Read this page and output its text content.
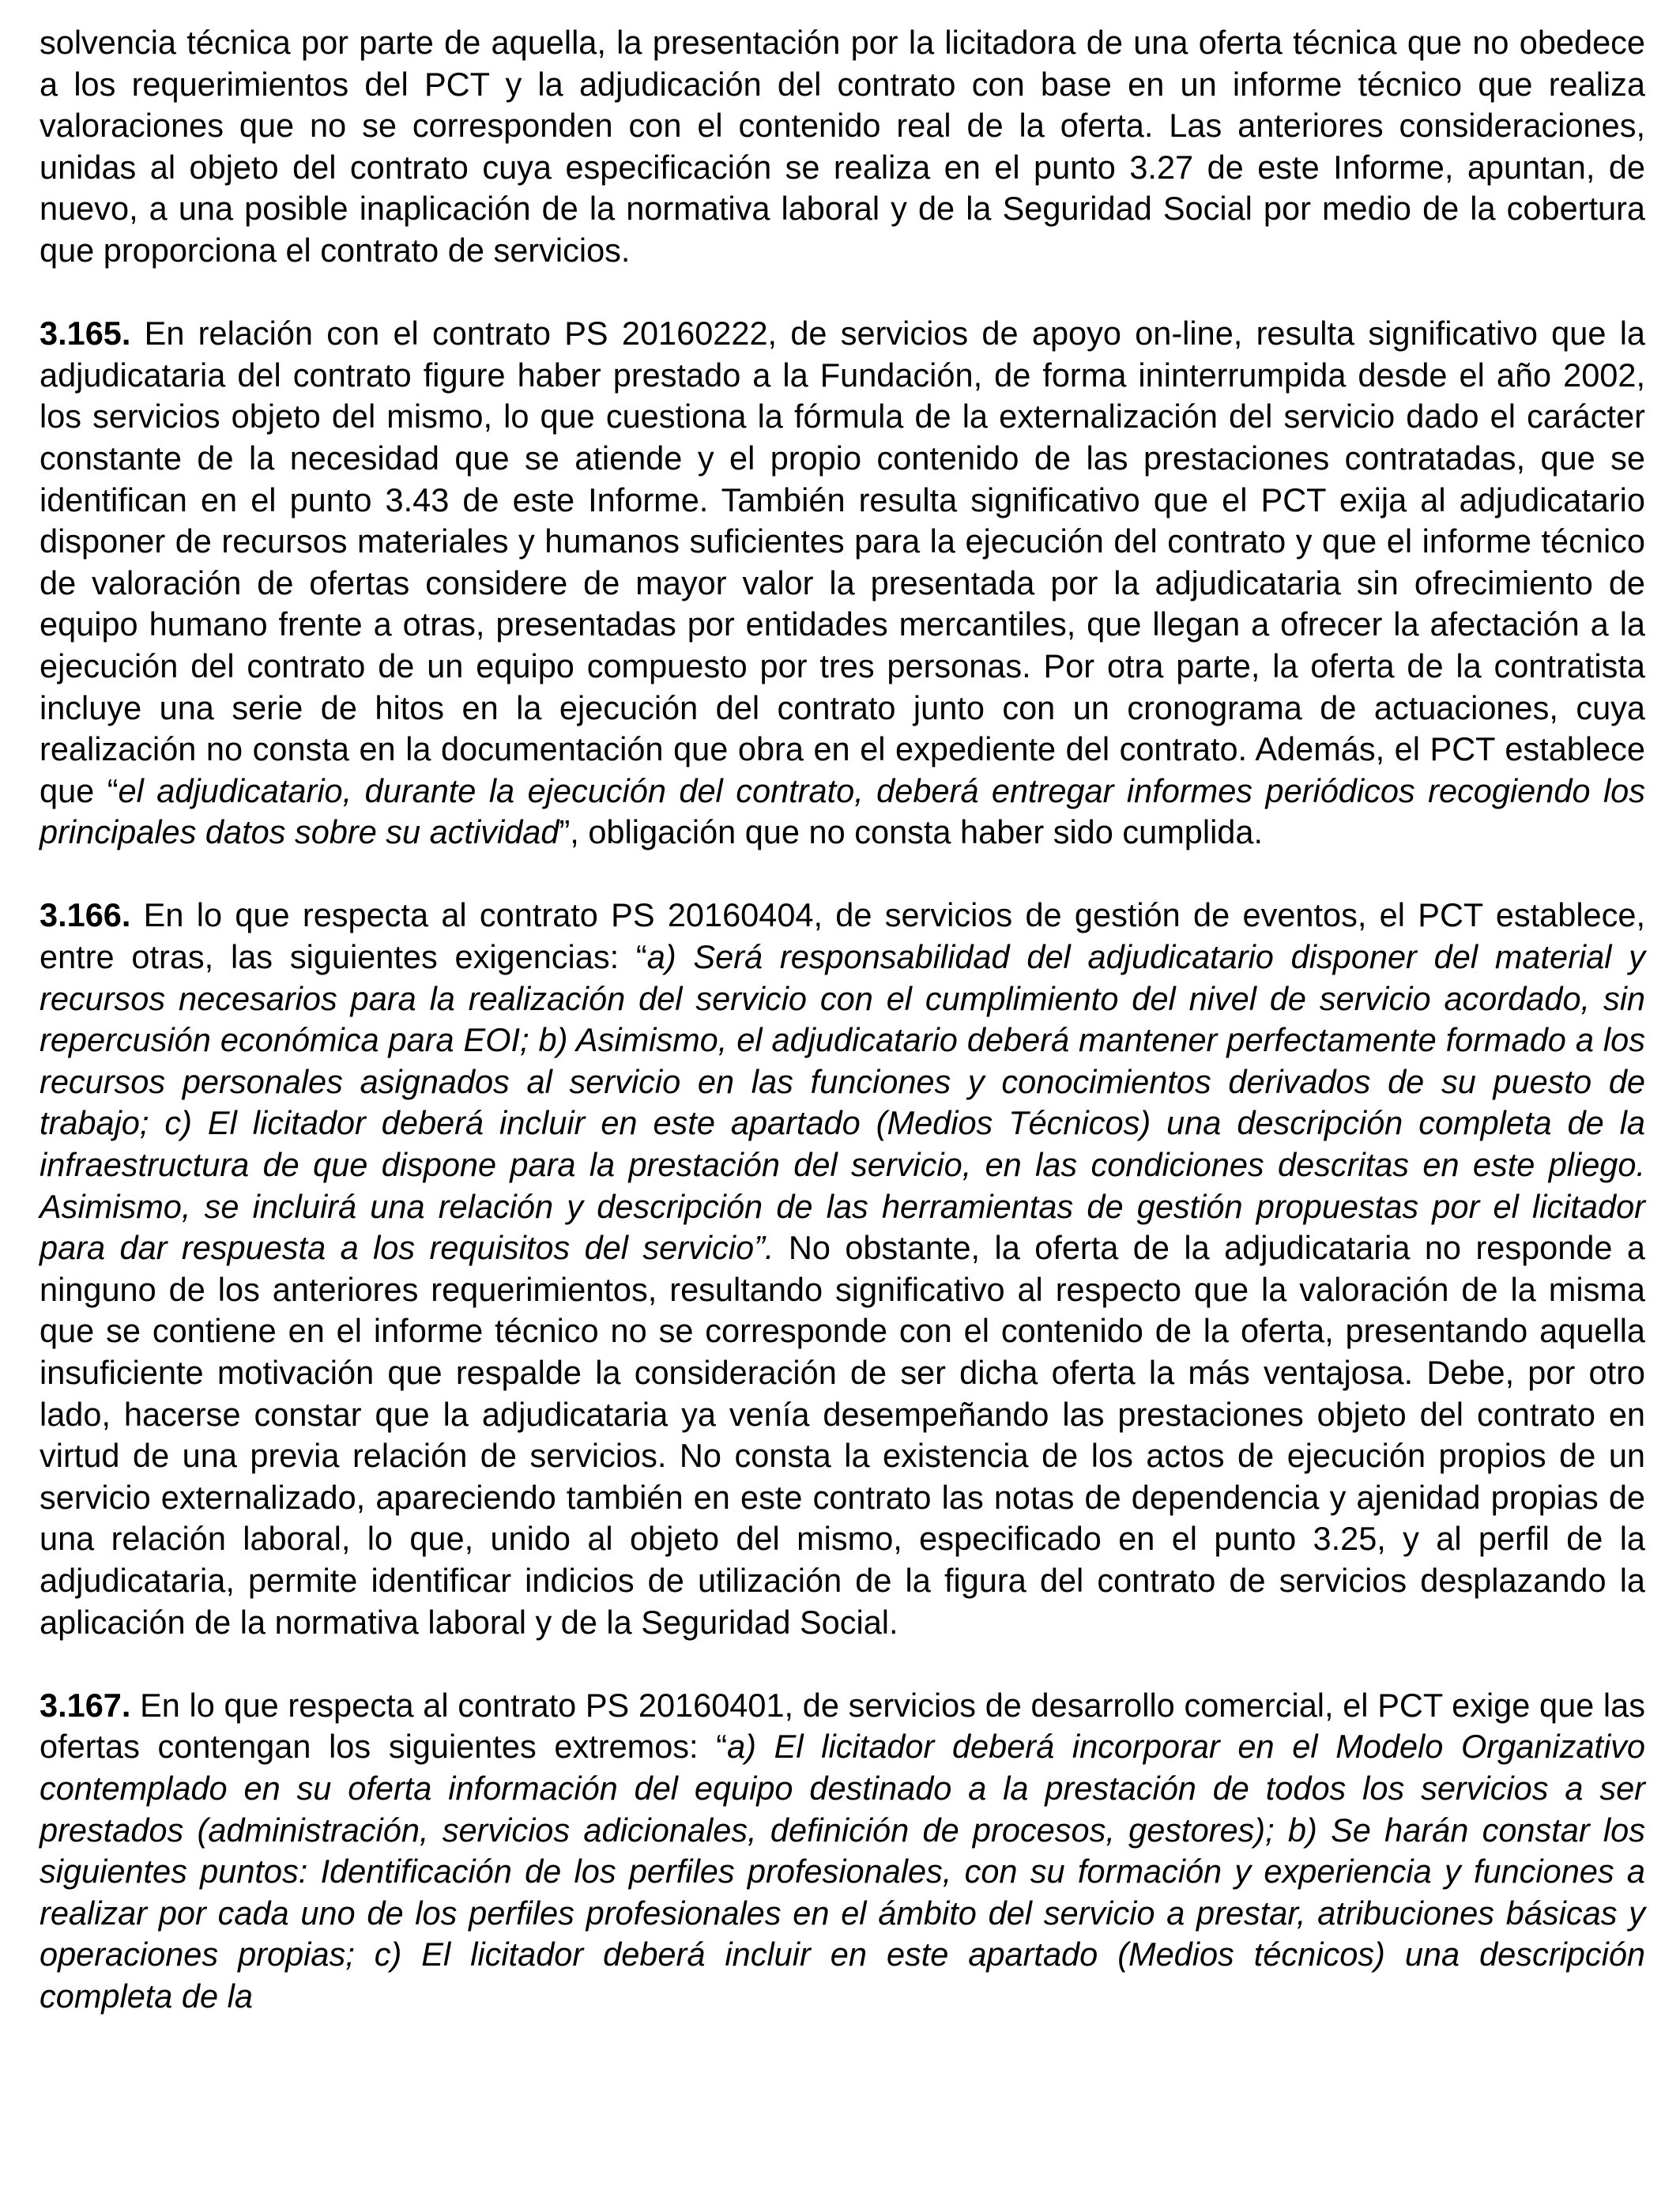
solvencia técnica por parte de aquella, la presentación por la licitadora de una oferta técnica que no obedece a los requerimientos del PCT y la adjudicación del contrato con base en un informe técnico que realiza valoraciones que no se corresponden con el contenido real de la oferta. Las anteriores consideraciones, unidas al objeto del contrato cuya especificación se realiza en el punto 3.27 de este Informe, apuntan, de nuevo, a una posible inaplicación de la normativa laboral y de la Seguridad Social por medio de la cobertura que proporciona el contrato de servicios.

3.165. En relación con el contrato PS 20160222, de servicios de apoyo on-line, resulta significativo que la adjudicataria del contrato figure haber prestado a la Fundación, de forma ininterrumpida desde el año 2002, los servicios objeto del mismo, lo que cuestiona la fórmula de la externalización del servicio dado el carácter constante de la necesidad que se atiende y el propio contenido de las prestaciones contratadas, que se identifican en el punto 3.43 de este Informe. También resulta significativo que el PCT exija al adjudicatario disponer de recursos materiales y humanos suficientes para la ejecución del contrato y que el informe técnico de valoración de ofertas considere de mayor valor la presentada por la adjudicataria sin ofrecimiento de equipo humano frente a otras, presentadas por entidades mercantiles, que llegan a ofrecer la afectación a la ejecución del contrato de un equipo compuesto por tres personas. Por otra parte, la oferta de la contratista incluye una serie de hitos en la ejecución del contrato junto con un cronograma de actuaciones, cuya realización no consta en la documentación que obra en el expediente del contrato. Además, el PCT establece que “el adjudicatario, durante la ejecución del contrato, deberá entregar informes periódicos recogiendo los principales datos sobre su actividad”, obligación que no consta haber sido cumplida.

3.166. En lo que respecta al contrato PS 20160404, de servicios de gestión de eventos, el PCT establece, entre otras, las siguientes exigencias: “a) Será responsabilidad del adjudicatario disponer del material y recursos necesarios para la realización del servicio con el cumplimiento del nivel de servicio acordado, sin repercusión económica para EOI; b) Asimismo, el adjudicatario deberá mantener perfectamente formado a los recursos personales asignados al servicio en las funciones y conocimientos derivados de su puesto de trabajo; c) El licitador deberá incluir en este apartado (Medios Técnicos) una descripción completa de la infraestructura de que dispone para la prestación del servicio, en las condiciones descritas en este pliego. Asimismo, se incluirá una relación y descripción de las herramientas de gestión propuestas por el licitador para dar respuesta a los requisitos del servicio”. No obstante, la oferta de la adjudicataria no responde a ninguno de los anteriores requerimientos, resultando significativo al respecto que la valoración de la misma que se contiene en el informe técnico no se corresponde con el contenido de la oferta, presentando aquella insuficiente motivación que respalde la consideración de ser dicha oferta la más ventajosa. Debe, por otro lado, hacerse constar que la adjudicataria ya venía desempeñando las prestaciones objeto del contrato en virtud de una previa relación de servicios. No consta la existencia de los actos de ejecución propios de un servicio externalizado, apareciendo también en este contrato las notas de dependencia y ajenidad propias de una relación laboral, lo que, unido al objeto del mismo, especificado en el punto 3.25, y al perfil de la adjudicataria, permite identificar indicios de utilización de la figura del contrato de servicios desplazando la aplicación de la normativa laboral y de la Seguridad Social.

3.167. En lo que respecta al contrato PS 20160401, de servicios de desarrollo comercial, el PCT exige que las ofertas contengan los siguientes extremos: “a) El licitador deberá incorporar en el Modelo Organizativo contemplado en su oferta información del equipo destinado a la prestación de todos los servicios a ser prestados (administración, servicios adicionales, definición de procesos, gestores); b) Se harán constar los siguientes puntos: Identificación de los perfiles profesionales, con su formación y experiencia y funciones a realizar por cada uno de los perfiles profesionales en el ámbito del servicio a prestar, atribuciones básicas y operaciones propias; c) El licitador deberá incluir en este apartado (Medios técnicos) una descripción completa de la
